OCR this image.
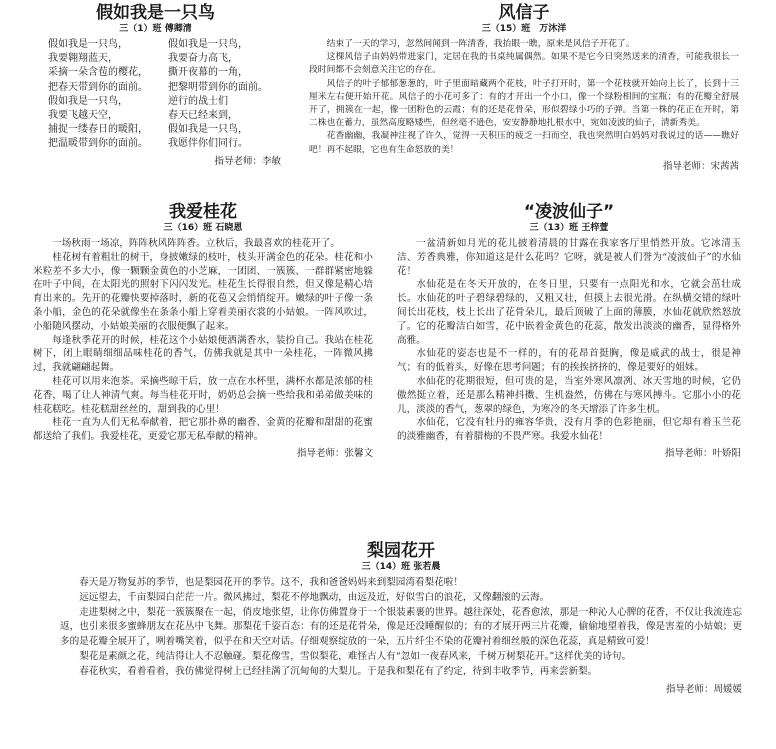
假如我是一只鸟
三（1）班 傅卿清
假如我是一只鸟，	假如我是一只鸟，
我要翱翔蓝天，	我要奋力高飞，
采摘一朵含苞的樱花，	撕开夜幕的一角，
把春天带到你的面前。	把黎明带到你的面前。
假如我是一只鸟，	逆行的战士们
我要飞越天空，	春天已经来到，
捕捉一缕春日的暖阳，	假如我是一只鸟，
把温暖带到你的面前。	我愿伴你们同行。
指导老师：李敏
风信子
三（15）班　万沐洋

结束了一天的学习，忽然间闻到一阵清香，我抬眼一瞧，原来是风信子开花了。

这棵风信子由妈妈带进家门，定居在我的书桌纯属偶然。如果不是它今日突然送来的清香，可能我很长一段时间都不会刻意关注它的存在。

风信子的叶子郁郁葱葱的，叶子里面暗藏两个花枝，叶子打开时，第一个花枝就开始向上长了，长到十三厘米左右便开始开花。风信子的小花可多了：有的才开出一个小口，像一个绿粉相间的宝瓶；有的花瓣全舒展开了，拥簇在一起，像一团粉色的云霞；有的还是花骨朵，形似碧绿小巧的子弹。当第一株的花正在开时，第二株也在蓄力，虽然高度略矮些，但丝毫不逊色，安安静静地扎根水中，宛如凌波的仙子，清新秀美。

花香幽幽，我凝神注视了许久，觉得一天积压的疲乏一扫而空，我也突然明白妈妈对我说过的话——瞧好吧！再不起眼，它也有生命怒放的美！

指导老师：宋茜茜
我爱桂花
三（16）班 石晓恩

一场秋雨一场凉，阵阵秋风阵阵香。立秋后，我最喜欢的桂花开了。

桂花树有着粗壮的树干，身披嫩绿的枝叶，枝头开满金色的花朵。桂花和小米粒差不多大小，像一颗颗金黄色的小芝麻，一团团、一簇簇、一群群紧密地躲在叶子中间，在太阳光的照射下闪闪发光。桂花生长得很自然，但又像是精心培育出来的。先开的花瓣快要掉落时，新的花苞又会悄悄绽开。嫩绿的叶子像一条条小船，金色的花朵就像坐在条条小船上穿着美丽衣裳的小姑娘。一阵风吹过，小船随风摆动，小姑娘美丽的衣服便飘了起来。

每逢秋季花开的时候，桂花这个小姑娘便洒满香水，装扮自己。我站在桂花树下，闭上眼睛细细品味桂花的香气，仿佛我就是其中一朵桂花，一阵微风拂过，我就翩翩起舞。

桂花可以用来泡茶。采摘些晾干后，放一点在水杯里，满杯水都是浓郁的桂花香，喝了让人神清气爽。每当桂花开时，奶奶总会摘一些给我和弟弟做美味的桂花糕吃。桂花糕甜丝丝的，甜到我的心里！

桂花一直为人们无私奉献着，把它那扑鼻的幽香、金黄的花瓣和甜甜的花蜜都送给了我们。我爱桂花，更爱它那无私奉献的精神。

指导老师：张馨文
“凌波仙子”
三（13）班 王梓萱

一盆清新如月光的花儿披着清晨的甘露在我家客厅里悄然开放。它冰清玉洁、芳香典雅，你知道这是什么花吗？它呀，就是被人们誉为“凌波仙子”的水仙花！

水仙花是在冬天开放的，在冬日里，只要有一点阳光和水，它就会茁壮成长。水仙花的叶子碧绿碧绿的，又粗又壮，但摸上去很光滑。在纵横交错的绿叶间长出花枝，枝上长出了花骨朵儿，最后顶破了上面的薄膜，水仙花就欣然怒放了。它的花瓣洁白如雪，花中嵌着金黄色的花蕊，散发出淡淡的幽香，显得格外高雅。

水仙花的姿态也是不一样的，有的花昂首挺胸，像是威武的战士，很是神气；有的低着头，好像在思考问题；有的挨挨挤挤的，像是要好的姐妹。

水仙花的花期很短，但可贵的是，当室外寒风凛冽、冰天雪地的时候，它仍傲然挺立着，还是那么精神抖擞、生机盎然，仿佛在与寒风搏斗。它那小小的花儿，淡淡的香气，葱翠的绿色，为寒冷的冬天增添了许多生机。

水仙花，它没有牡丹的雍容华贵，没有月季的色彩艳丽，但它却有着玉兰花的淡雅幽香，有着腊梅的不畏严寒。我爱水仙花！

指导老师：叶娇阳
梨园花开
三（14）班 张若晨

春天是万物复苏的季节，也是梨园花开的季节。这不，我和爸爸妈妈来到梨园湾看梨花啦！

远远望去，千亩梨园白茫茫一片。微风拂过，梨花不停地飘动，由远及近，好似雪白的浪花，又像翻滚的云海。

走进梨树之中，梨花一簇簇聚在一起，俏皮地张望，让你仿佛置身于一个银装素裹的世界。越往深处，花香愈浓，那是一种沁人心脾的花香，不仅让我流连忘返，也引来很多蜜蜂朋友在花丛中飞舞。那梨花千姿百态：有的还是花骨朵，像是还没睡醒似的；有的才展开两三片花瓣，偷偷地望着我，像是害羞的小姑娘；更多的是花瓣全展开了，咧着嘴笑着，似乎在和天空对话。仔细观察绽放的一朵，五片纤尘不染的花瓣衬着细丝般的深色花蕊，真是精致可爱！

梨花是素颜之花，纯洁得让人不忍触碰。梨花像雪，雪似梨花，难怪古人有“忽如一夜春风来，千树万树梨花开。”这样优美的诗句。

春花秋实，看着看着，我仿佛觉得树上已经挂满了沉甸甸的大梨儿。于是我和梨花有了约定，待到丰收季节，再来尝新梨。

指导老师：周媛媛
